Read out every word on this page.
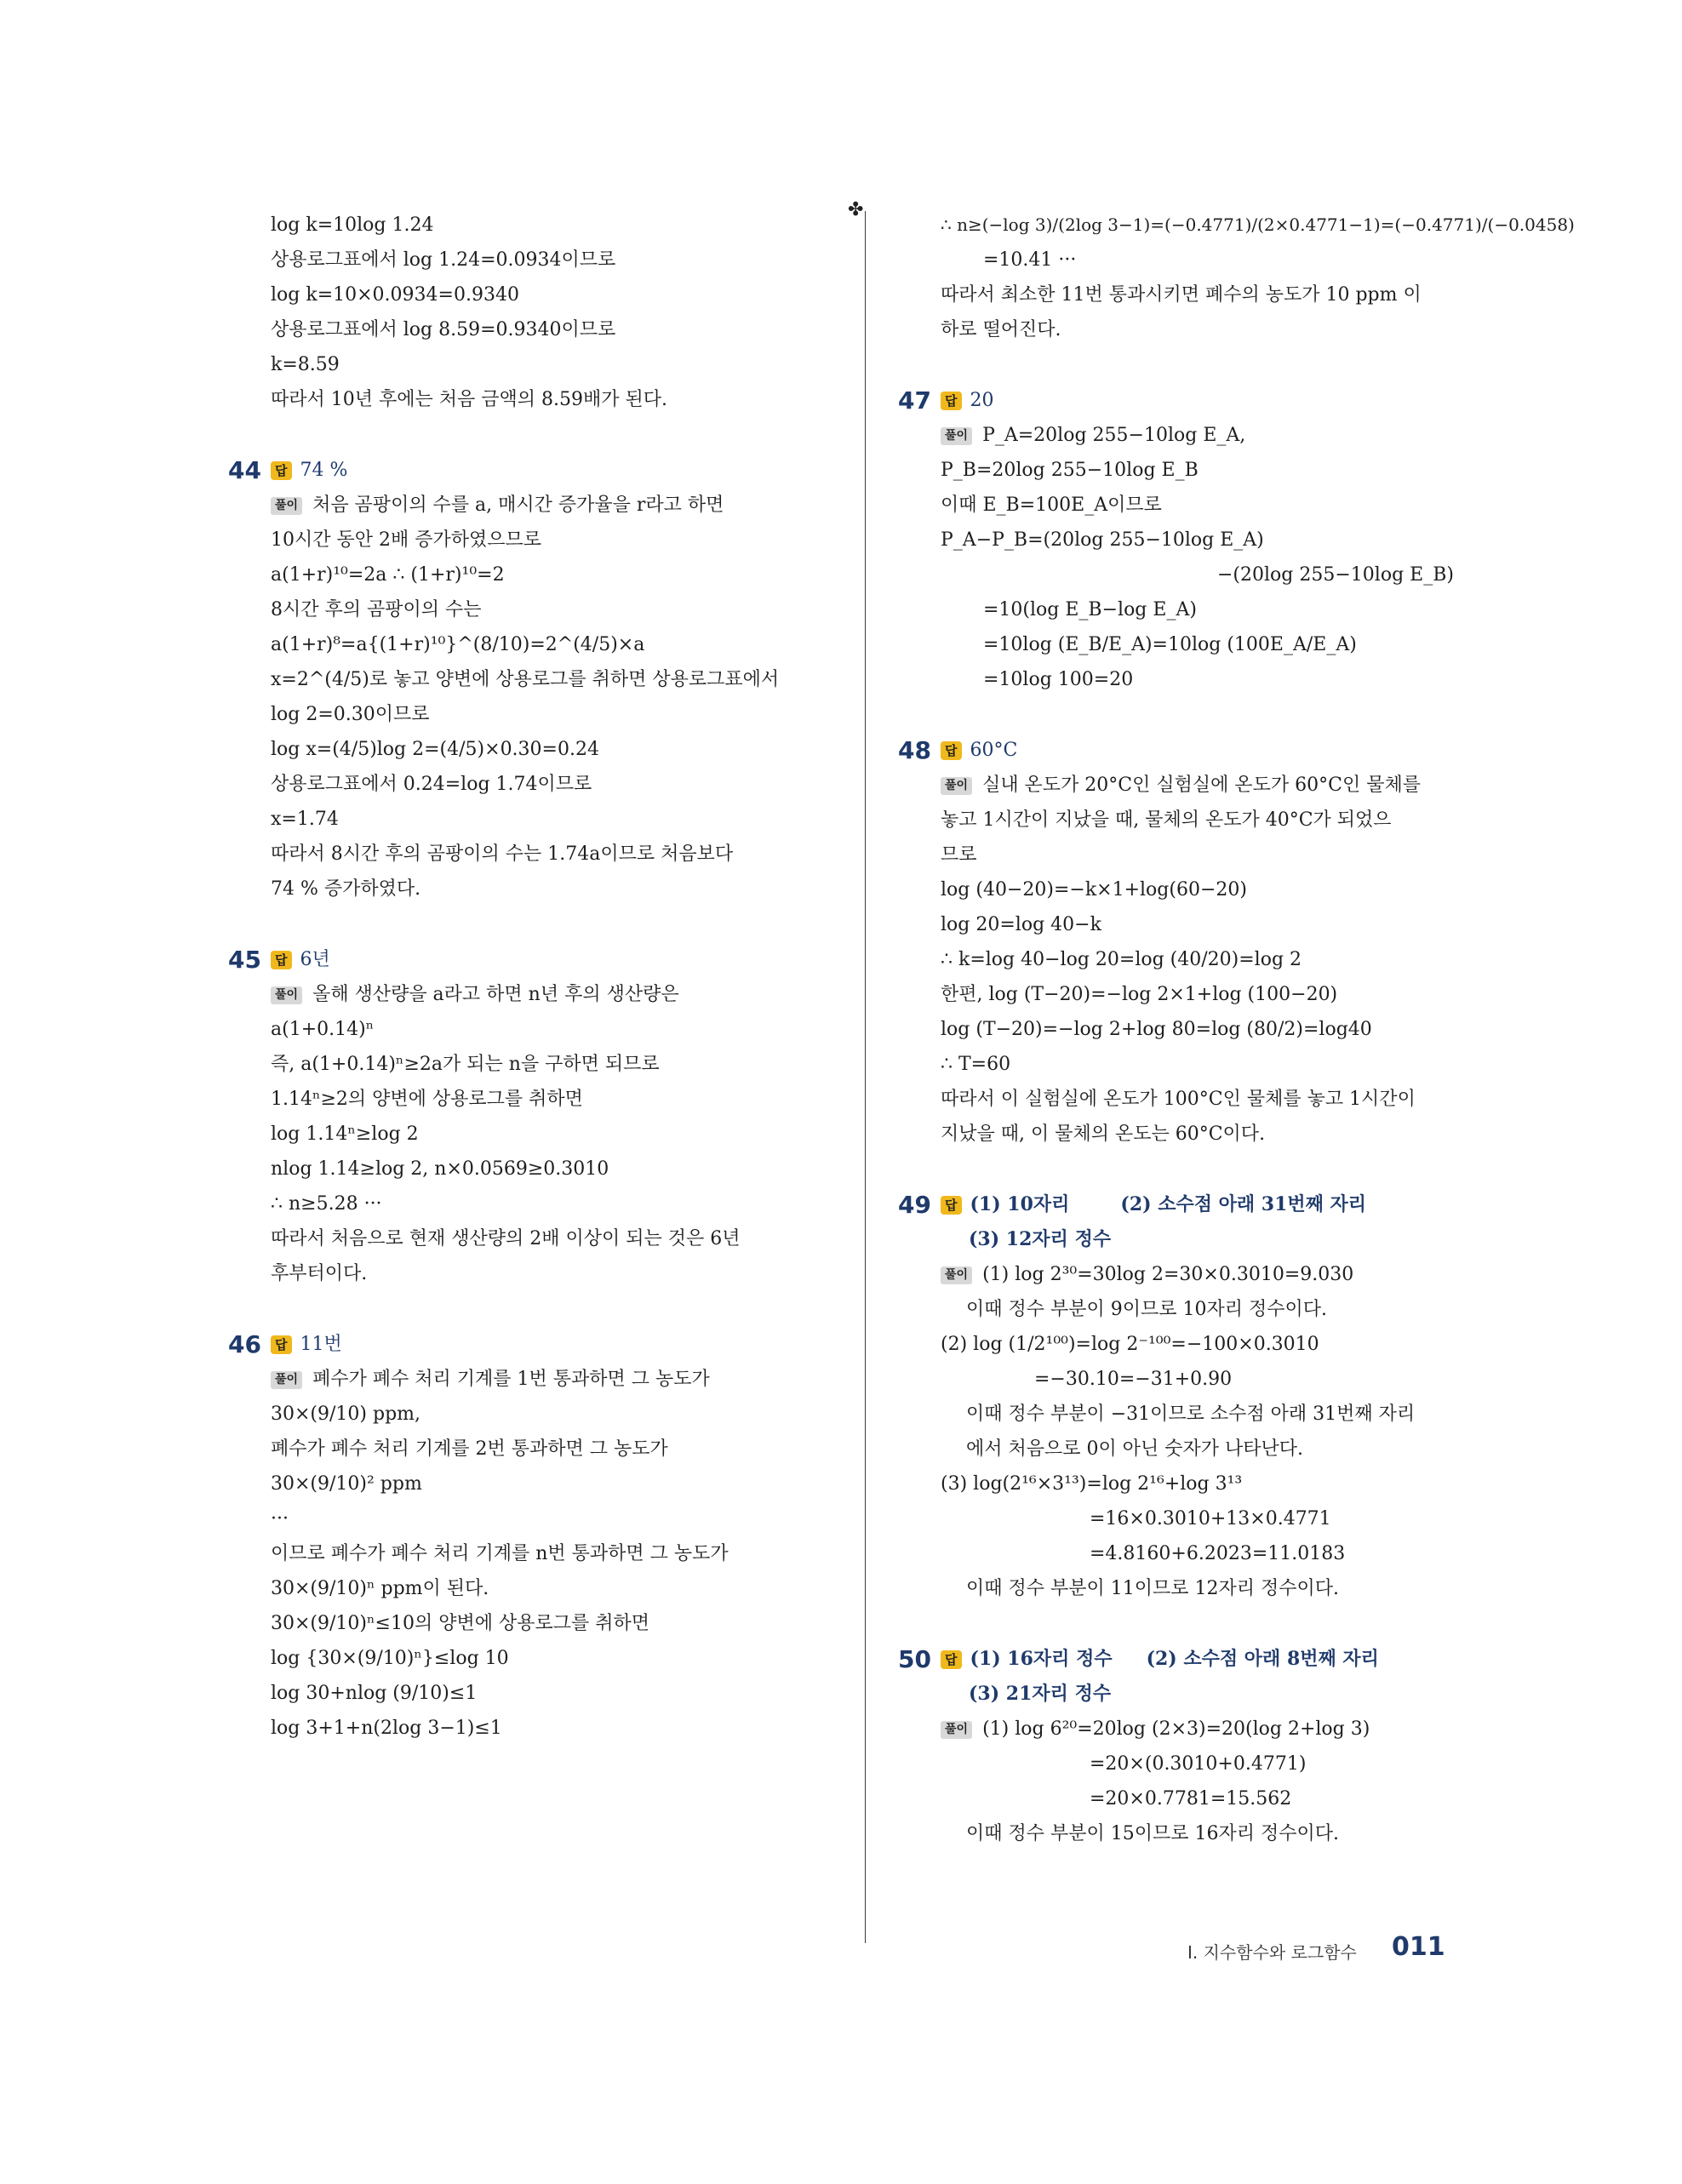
✤
log k=10log 1.24
상용로그표에서 log 1.24=0.0934이므로
log k=10×0.0934=0.9340
상용로그표에서 log 8.59=0.9340이므로
k=8.59
따라서 10년 후에는 처음 금액의 8.59배가 된다.
44	답 74 %
풀이 처음 곰팡이의 수를 a, 매시간 증가율을 r라고 하면
10시간 동안 2배 증가하였으므로
a(1+r)¹⁰=2a ∴ (1+r)¹⁰=2
8시간 후의 곰팡이의 수는
a(1+r)⁸=a{(1+r)¹⁰}^(8/10)=2^(4/5)×a
x=2^(4/5)로 놓고 양변에 상용로그를 취하면 상용로그표에서
log 2=0.30이므로
log x=(4/5)log 2=(4/5)×0.30=0.24
상용로그표에서 0.24=log 1.74이므로
x=1.74
따라서 8시간 후의 곰팡이의 수는 1.74a이므로 처음보다
74 % 증가하였다.
45	답 6년
풀이 올해 생산량을 a라고 하면 n년 후의 생산량은
a(1+0.14)ⁿ
즉, a(1+0.14)ⁿ≥2a가 되는 n을 구하면 되므로
1.14ⁿ≥2의 양변에 상용로그를 취하면
log 1.14ⁿ≥log 2
nlog 1.14≥log 2, n×0.0569≥0.3010
∴ n≥5.28 ···
따라서 처음으로 현재 생산량의 2배 이상이 되는 것은 6년
후부터이다.
46	답 11번
풀이 폐수가 폐수 처리 기계를 1번 통과하면 그 농도가
30×(9/10) ppm,
폐수가 폐수 처리 기계를 2번 통과하면 그 농도가
30×(9/10)² ppm
···
이므로 폐수가 폐수 처리 기계를 n번 통과하면 그 농도가
30×(9/10)ⁿ ppm이 된다.
30×(9/10)ⁿ≤10의 양변에 상용로그를 취하면
log {30×(9/10)ⁿ}≤log 10
log 30+nlog (9/10)≤1
log 3+1+n(2log 3−1)≤1
∴ n≥(−log 3)/(2log 3−1)=(−0.4771)/(2×0.4771−1)=(−0.4771)/(−0.0458)
=10.41 ···
따라서 최소한 11번 통과시키면 폐수의 농도가 10 ppm 이
하로 떨어진다.
47	답 20
풀이 P_A=20log 255−10log E_A,
P_B=20log 255−10log E_B
이때 E_B=100E_A이므로
P_A−P_B=(20log 255−10log E_A)
−(20log 255−10log E_B)
=10(log E_B−log E_A)
=10log (E_B/E_A)=10log (100E_A/E_A)
=10log 100=20
48	답 60°C
풀이 실내 온도가 20°C인 실험실에 온도가 60°C인 물체를
놓고 1시간이 지났을 때, 물체의 온도가 40°C가 되었으
므로
log (40−20)=−k×1+log(60−20)
log 20=log 40−k
∴ k=log 40−log 20=log (40/20)=log 2
한편, log (T−20)=−log 2×1+log (100−20)
log (T−20)=−log 2+log 80=log (80/2)=log40
∴ T=60
따라서 이 실험실에 온도가 100°C인 물체를 놓고 1시간이
지났을 때, 이 물체의 온도는 60°C이다.
49	답 (1) 10자리	(2) 소수점 아래 31번째 자리
(3) 12자리 정수
풀이 (1) log 2³⁰=30log 2=30×0.3010=9.030
이때 정수 부분이 9이므로 10자리 정수이다.
(2) log (1/2¹⁰⁰)=log 2⁻¹⁰⁰=−100×0.3010
=−30.10=−31+0.90
이때 정수 부분이 −31이므로 소수점 아래 31번째 자리
에서 처음으로 0이 아닌 숫자가 나타난다.
(3) log(2¹⁶×3¹³)=log 2¹⁶+log 3¹³
=16×0.3010+13×0.4771
=4.8160+6.2023=11.0183
이때 정수 부분이 11이므로 12자리 정수이다.
50	답 (1) 16자리 정수 (2) 소수점 아래 8번째 자리
(3) 21자리 정수
풀이 (1) log 6²⁰=20log (2×3)=20(log 2+log 3)
=20×(0.3010+0.4771)
=20×0.7781=15.562
이때 정수 부분이 15이므로 16자리 정수이다.
Ⅰ. 지수함수와 로그함수 011
